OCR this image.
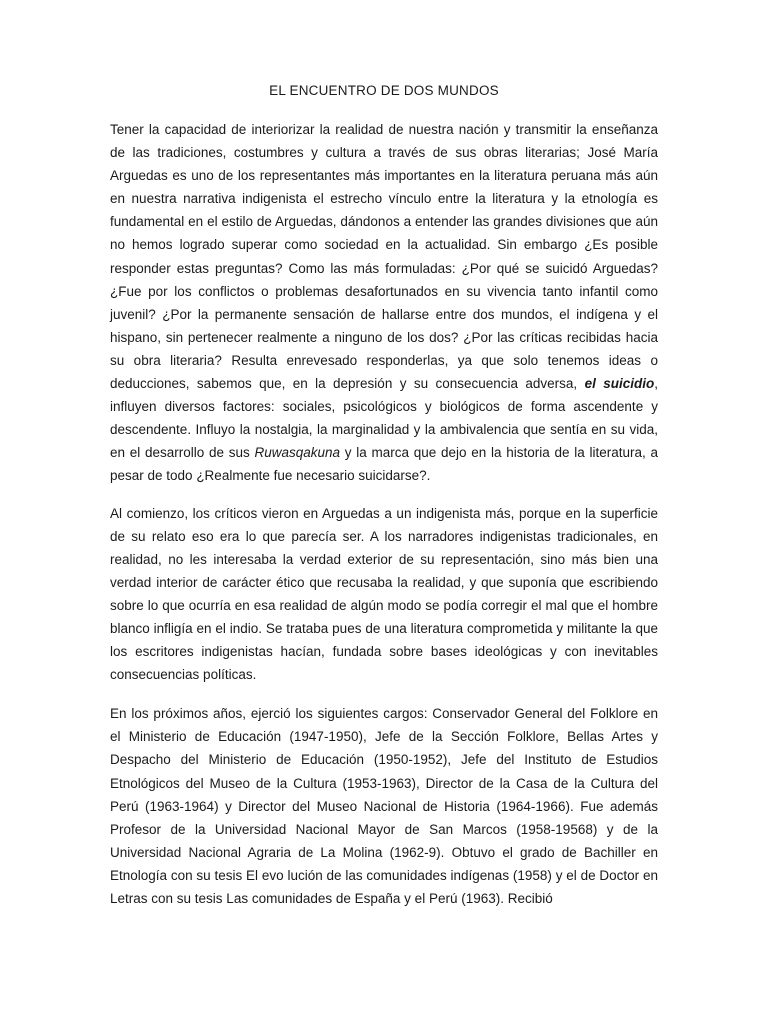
EL ENCUENTRO DE DOS MUNDOS

Tener la capacidad de interiorizar la realidad de nuestra nación y transmitir la enseñanza de las tradiciones, costumbres y cultura a través de sus obras literarias; José María Arguedas es uno de los representantes más importantes en la literatura peruana más aún en nuestra narrativa indigenista el estrecho vínculo entre la literatura y la etnología es fundamental en el estilo de Arguedas, dándonos a entender las grandes divisiones que aún no hemos logrado superar como sociedad en la actualidad. Sin embargo ¿Es posible responder estas preguntas? Como las más formuladas: ¿Por qué se suicidó Arguedas? ¿Fue por los conflictos o problemas desafortunados en su vivencia tanto infantil como juvenil? ¿Por la permanente sensación de hallarse entre dos mundos, el indígena y el hispano, sin pertenecer realmente a ninguno de los dos? ¿Por las críticas recibidas hacia su obra literaria? Resulta enrevesado responderlas, ya que solo tenemos ideas o deducciones, sabemos que, en la depresión y su consecuencia adversa, el suicidio, influyen diversos factores: sociales, psicológicos y biológicos de forma ascendente y descendente. Influyo la nostalgia, la marginalidad y la ambivalencia que sentía en su vida, en el desarrollo de sus Ruwasqakuna y la marca que dejo en la historia de la literatura, a pesar de todo ¿Realmente fue necesario suicidarse?.

Al comienzo, los críticos vieron en Arguedas a un indigenista más, porque en la superficie de su relato eso era lo que parecía ser. A los narradores indigenistas tradicionales, en realidad, no les interesaba la verdad exterior de su representación, sino más bien una verdad interior de carácter ético que recusaba la realidad, y que suponía que escribiendo sobre lo que ocurría en esa realidad de algún modo se podía corregir el mal que el hombre blanco infligía en el indio. Se trataba pues de una literatura comprometida y militante la que los escritores indigenistas hacían, fundada sobre bases ideológicas y con inevitables consecuencias políticas.

En los próximos años, ejerció los siguientes cargos: Conservador General del Folklore en el Ministerio de Educación (1947-1950), Jefe de la Sección Folklore, Bellas Artes y Despacho del Ministerio de Educación (1950-1952), Jefe del Instituto de Estudios Etnológicos del Museo de la Cultura (1953-1963), Director de la Casa de la Cultura del Perú (1963-1964) y Director del Museo Nacional de Historia (1964-1966). Fue además Profesor de la Universidad Nacional Mayor de San Marcos (1958-19568) y de la Universidad Nacional Agraria de La Molina (1962-9). Obtuvo el grado de Bachiller en Etnología con su tesis El evo lución de las comunidades indígenas (1958) y el de Doctor en Letras con su tesis Las comunidades de España y el Perú (1963). Recibió
